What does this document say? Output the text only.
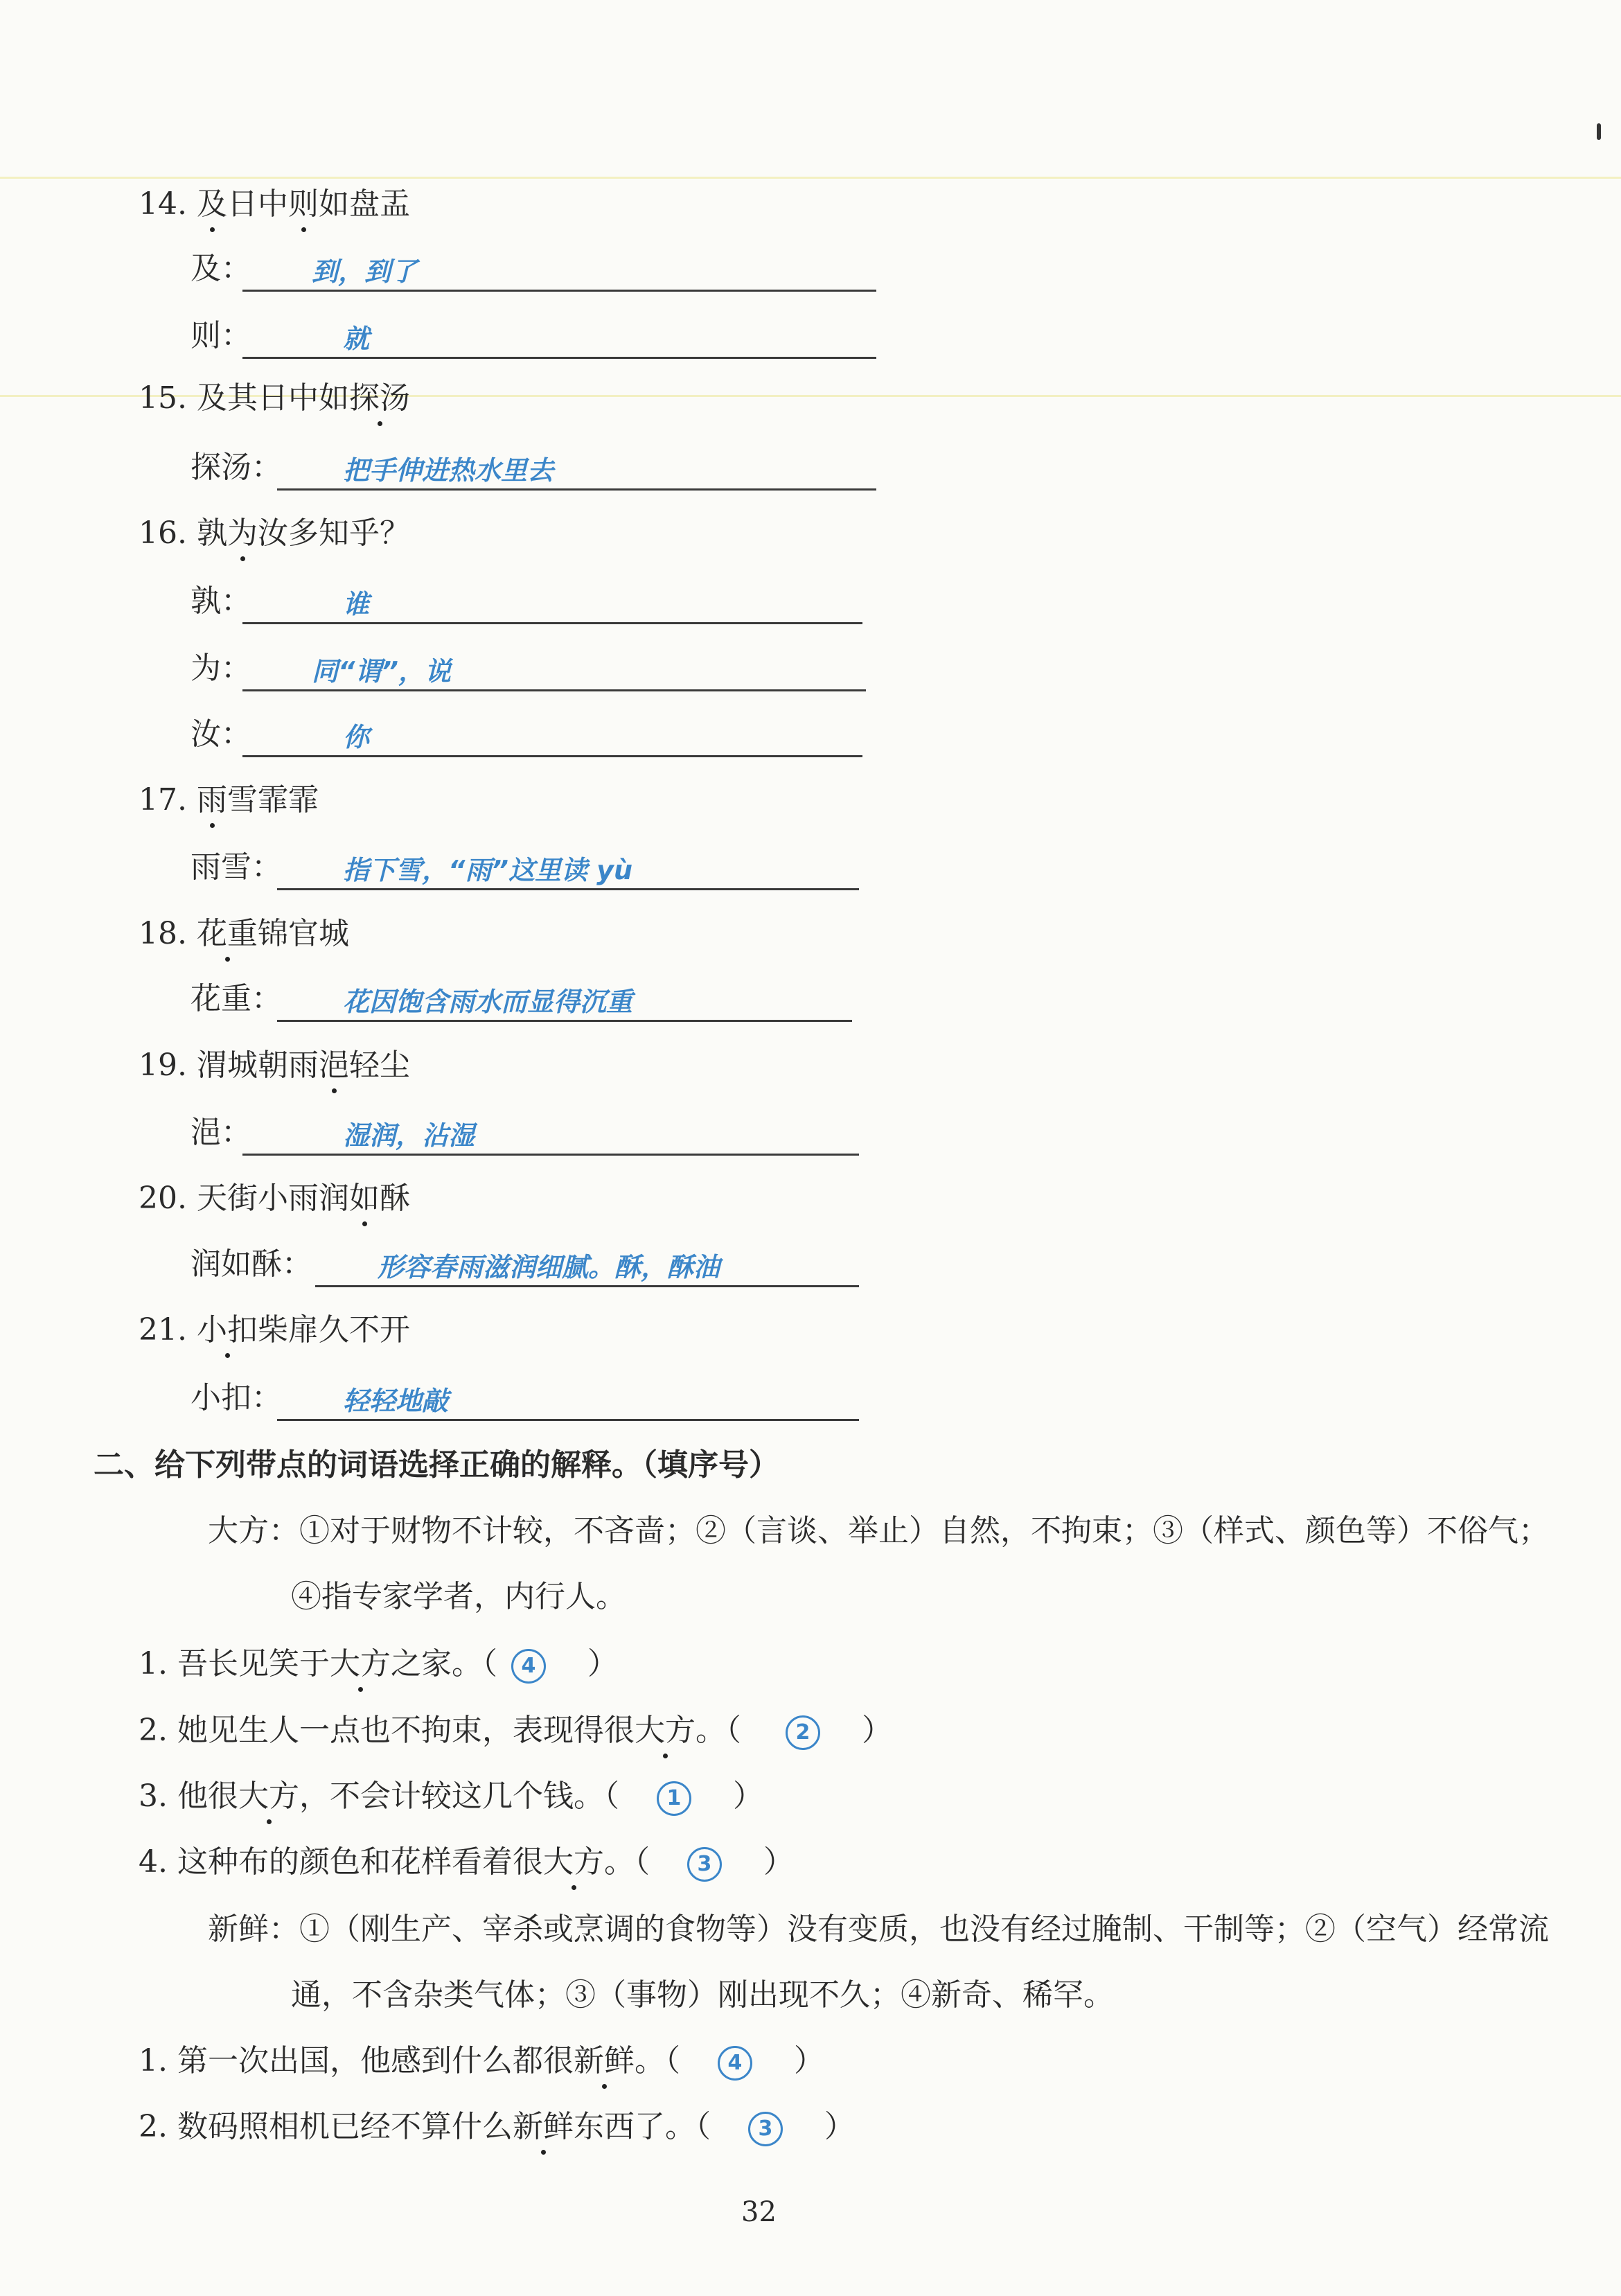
14. 及日中则如盘盂
及： 到，到了
则：	就
15. 及其日中如探汤
探汤： 把手伸进热水里去
16. 孰为汝多知乎？
孰：	谁
为： 同“谓”，说
汝：	你
17. 雨雪霏霏
雨雪： 指下雪，“雨”这里读 yù
18. 花重锦官城
花重： 花因饱含雨水而显得沉重
19. 渭城朝雨浥轻尘
浥：	湿润，沾湿
20. 天街小雨润如酥
润如酥： 形容春雨滋润细腻。酥，酥油
21. 小扣柴扉久不开
小扣： 轻轻地敲
二、给下列带点的词语选择正确的解释。（填序号）
大方：①对于财物不计较，不吝啬；②（言谈、举止）自然，不拘束；③（样式、颜色等）不俗气；
④指专家学者，内行人。
1. 吾长见笑于大方之家。（ 4 ）
2. 她见生人一点也不拘束，表现得很大方。（	2 ）
3. 他很大方，不会计较这几个钱。（ 1 ）
4. 这种布的颜色和花样看着很大方。（ 3 ）
新鲜：①（刚生产、宰杀或烹调的食物等）没有变质，也没有经过腌制、干制等；②（空气）经常流
通，不含杂类气体；③（事物）刚出现不久；④新奇、稀罕。
1. 第一次出国，他感到什么都很新鲜。（ 4 ）
2. 数码照相机已经不算什么新鲜东西了。（ 3 ）
32
